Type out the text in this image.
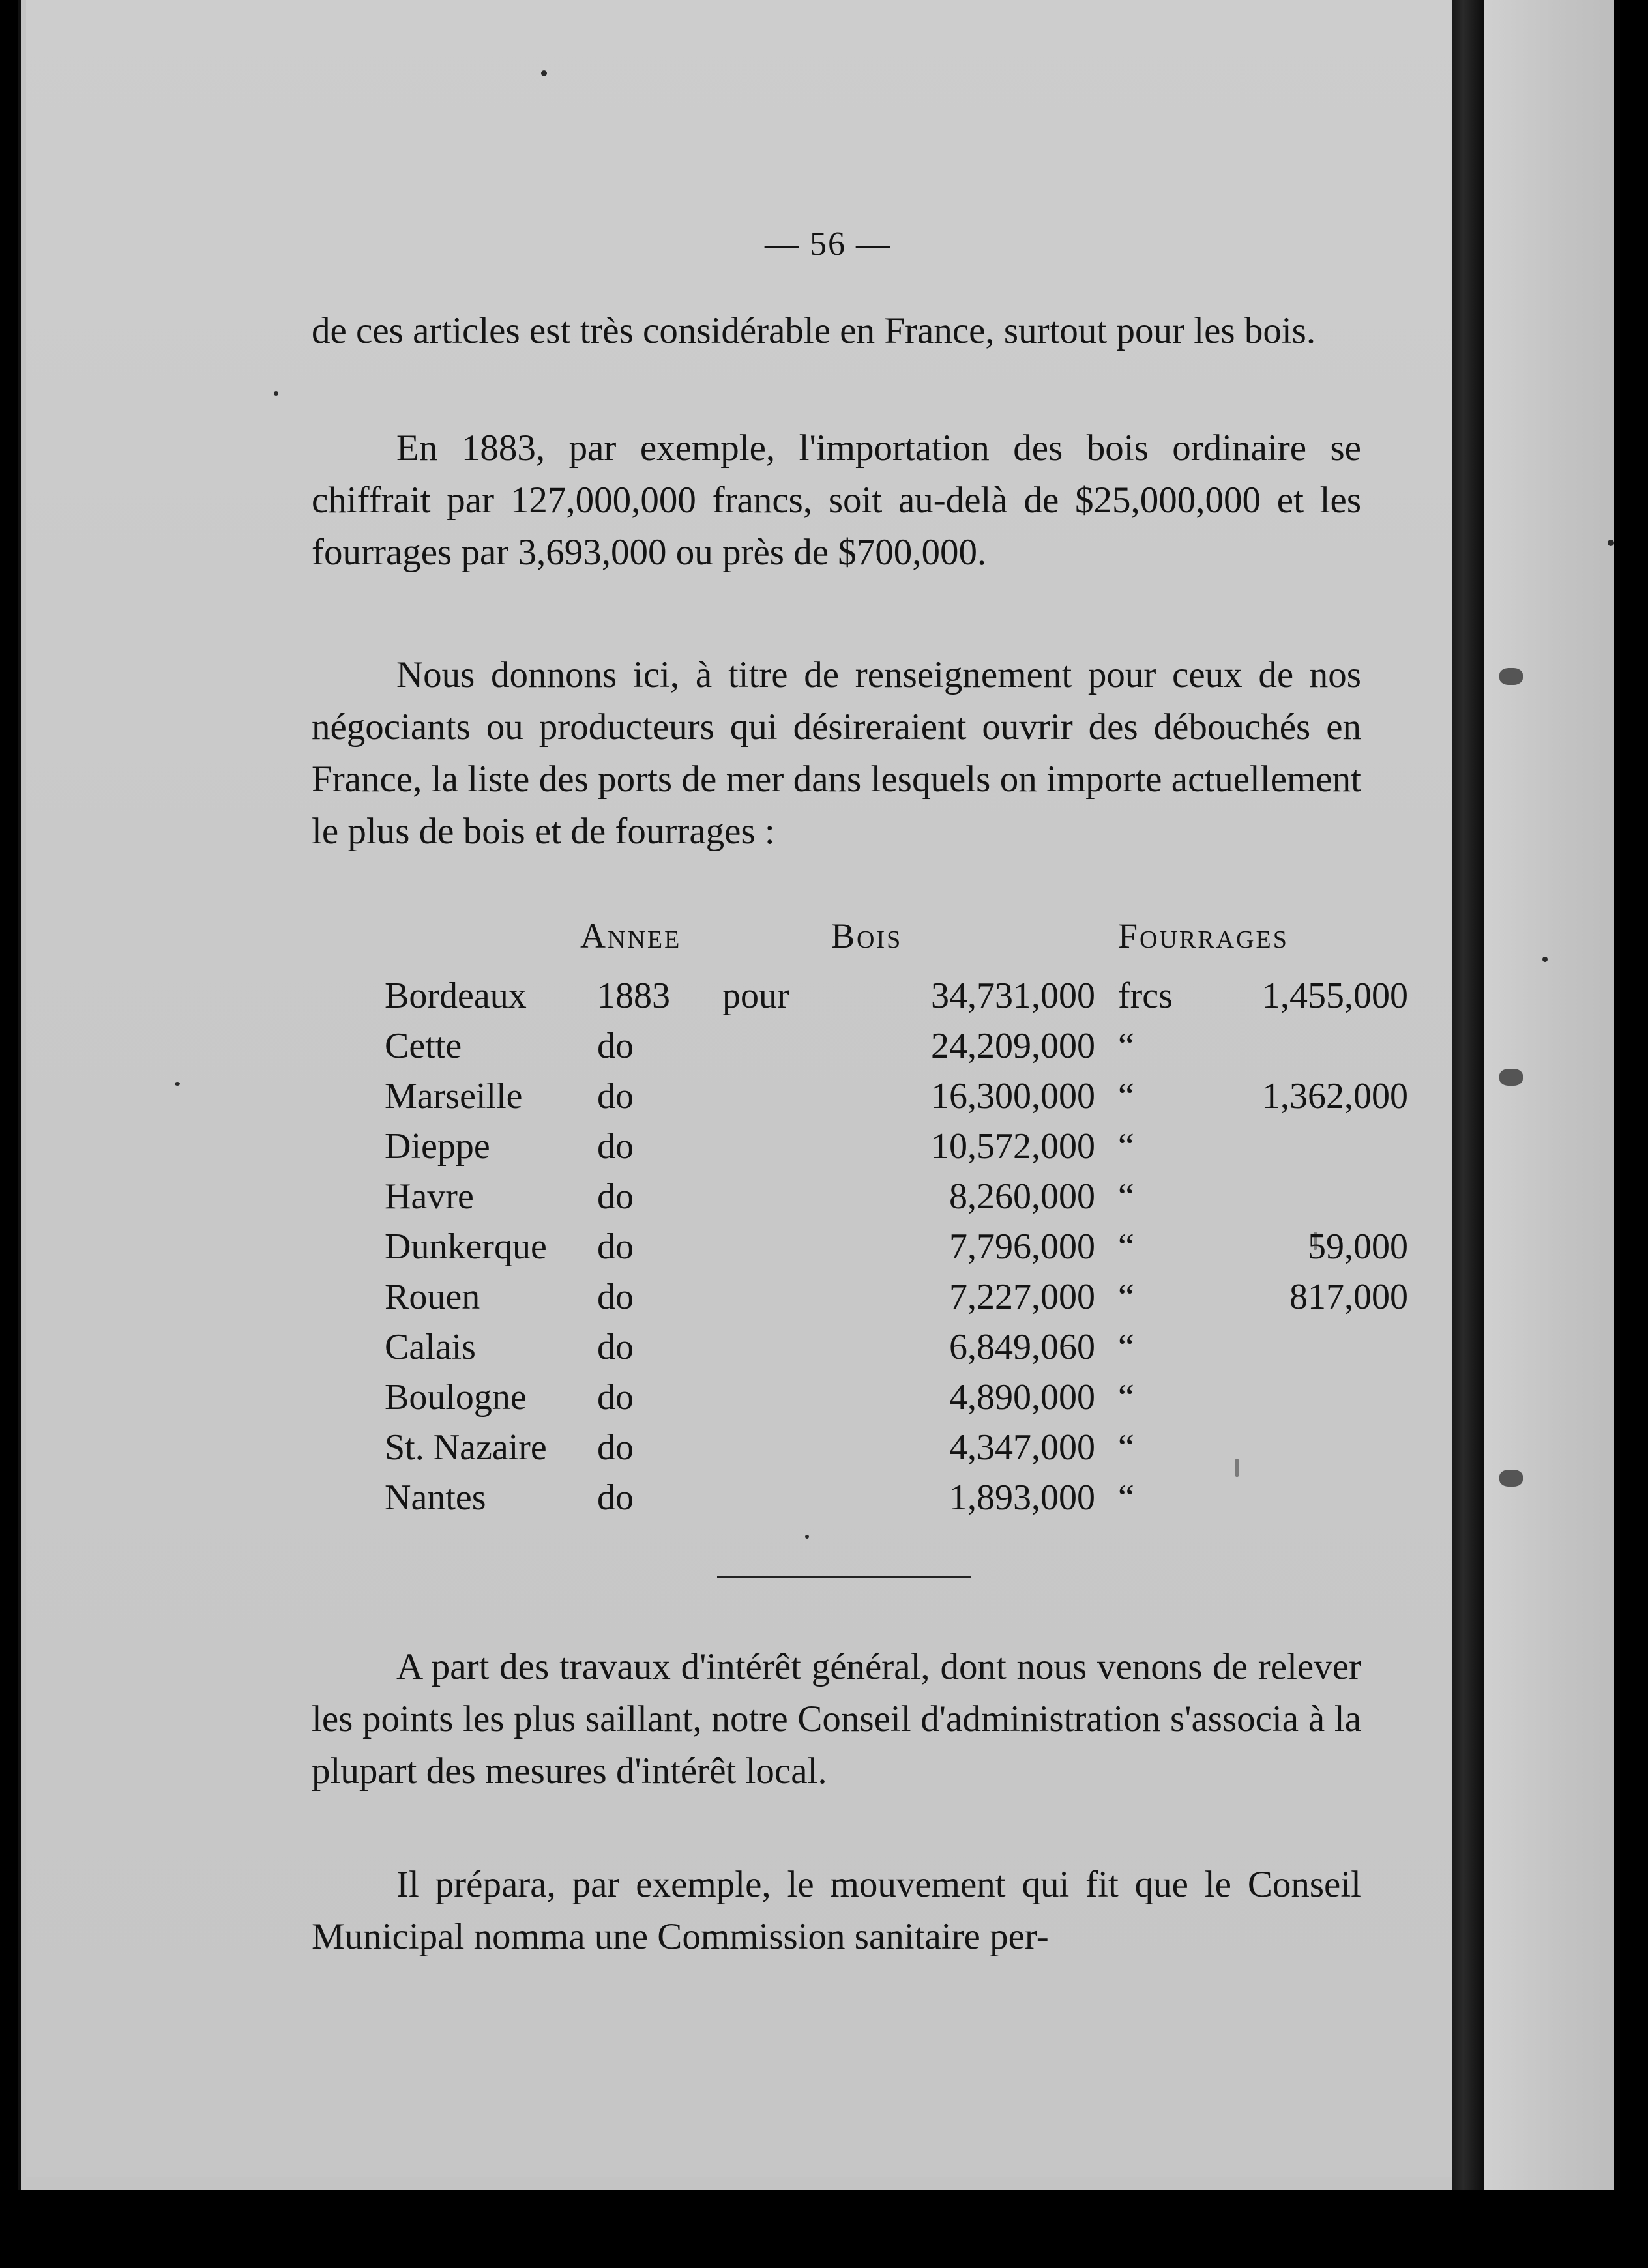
— 56 —

de ces articles est très considérable en France, surtout pour les bois.

En 1883, par exemple, l'importation des bois ordinaire se chiffrait par 127,000,000 francs, soit au-delà de $25,000,000 et les fourrages par 3,693,000 ou près de $700,000.

Nous donnons ici, à titre de renseignement pour ceux de nos négociants ou producteurs qui désireraient ouvrir des débouchés en France, la liste des ports de mer dans lesquels on importe actuellement le plus de bois et de fourrages :

Annee	Bois	Fourrages
Bordeaux 1883 pour	34,731,000 frcs	1,455,000
Cette	do	24,209,000 “
Marseille do	16,300,000 “	1,362,000
Dieppe	do	10,572,000 “
Havre	do	8,260,000 “
Dunkerque do	7,796,000 “	59,000
Rouen	do	7,227,000 “	817,000
Calais	do	6,849,060 “
Boulogne do	4,890,000 “
St. Nazaire do	4,347,000 “
Nantes	do	1,893,000 “

A part des travaux d'intérêt général, dont nous venons de relever les points les plus saillant, notre Conseil d'administration s'associa à la plupart des mesures d'intérêt local.

Il prépara, par exemple, le mouvement qui fit que le Conseil Municipal nomma une Commission sanitaire per-
